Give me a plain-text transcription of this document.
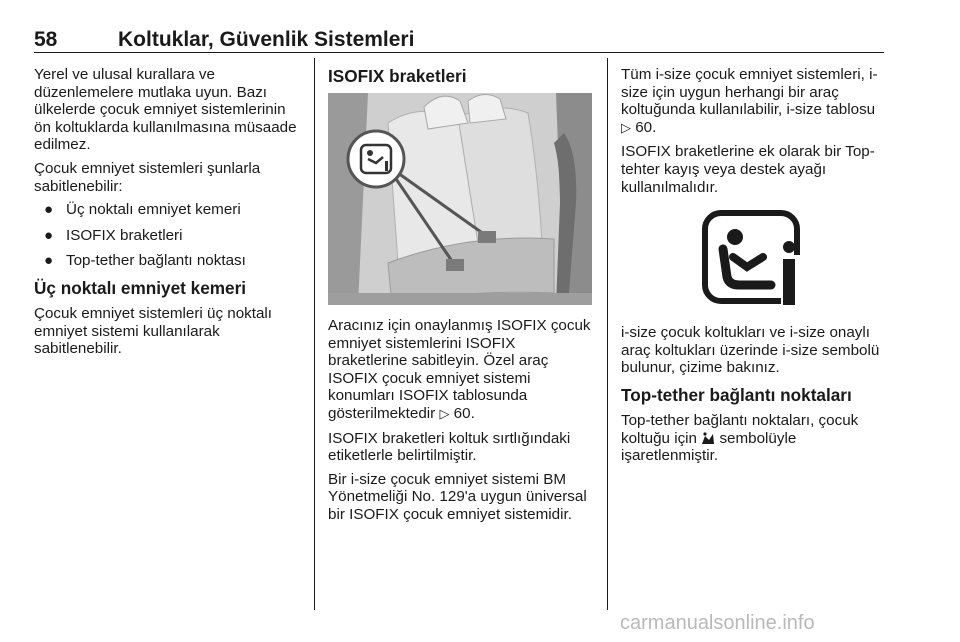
58	Koltuklar, Güvenlik Sistemleri

Yerel ve ulusal kurallara ve düzenlemelere mutlaka uyun. Bazı ülkelerde çocuk emniyet sistemlerinin ön koltuklarda kullanılmasına müsaade edilmez.

Çocuk emniyet sistemleri şunlarla sabitlenebilir:

● Üç noktalı emniyet kemeri
● ISOFIX braketleri
● Top-tether bağlantı noktası
Üç noktalı emniyet kemeri

Çocuk emniyet sistemleri üç noktalı emniyet sistemi kullanılarak sabitlenebilir.

ISOFIX braketleri

Aracınız için onaylanmış ISOFIX çocuk emniyet sistemlerini ISOFIX braketlerine sabitleyin. Özel araç ISOFIX çocuk emniyet sistemi konumları ISOFIX tablosunda gösterilmektedir ▷ 60.

ISOFIX braketleri koltuk sırtlığındaki etiketlerle belirtilmiştir.

Bir i-size çocuk emniyet sistemi BM Yönetmeliği No. 129'a uygun üniversal bir ISOFIX çocuk emniyet sistemidir.

Tüm i-size çocuk emniyet sistemleri, i-size için uygun herhangi bir araç koltuğunda kullanılabilir, i-size tablosu ▷ 60.

ISOFIX braketlerine ek olarak bir Top-tehter kayış veya destek ayağı kullanılmalıdır.

i-size çocuk koltukları ve i-size onaylı araç koltukları üzerinde i-size sembolü bulunur, çizime bakınız.

Top-tether bağlantı noktaları

Top-tether bağlantı noktaları, çocuk koltuğu için sembolüyle işaretlenmiştir.

carmanualsonline.info
